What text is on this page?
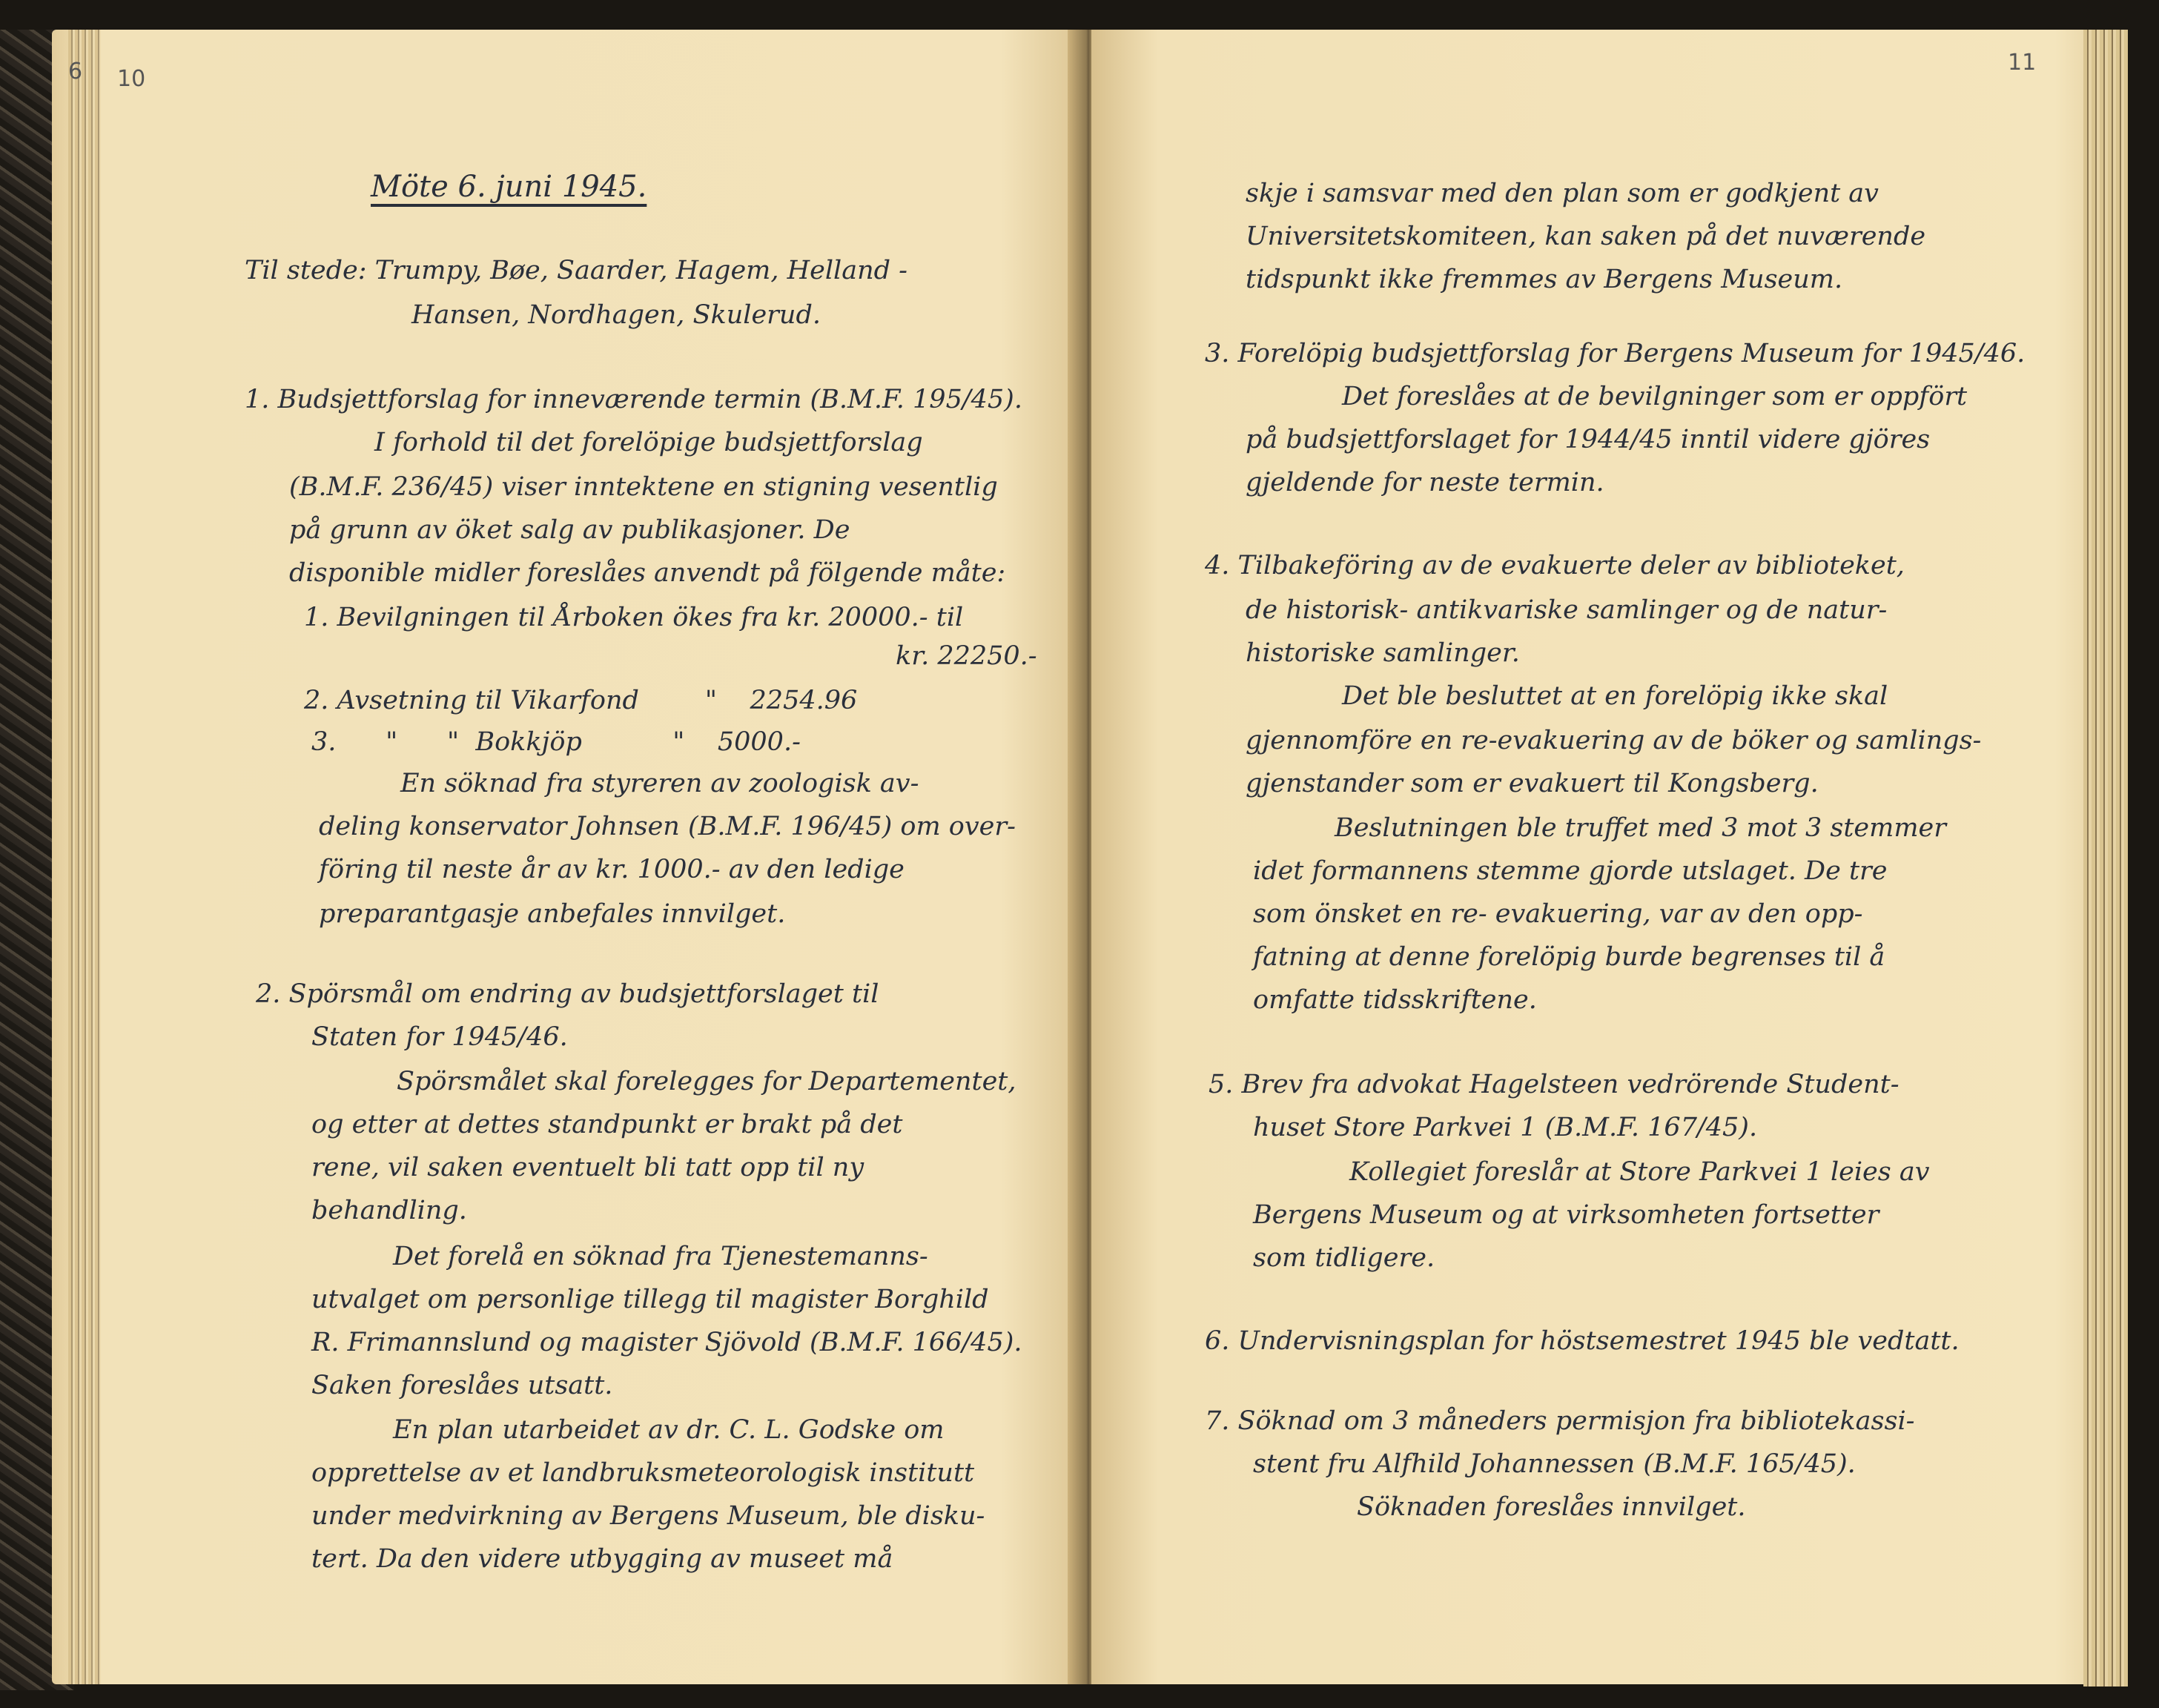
6 10
11
Möte 6. juni 1945.
Til stede: Trumpy, Bøe, Saarder, Hagem, Helland -
Hansen, Nordhagen, Skulerud.
1. Budsjettforslag for inneværende termin (B.M.F. 195/45).
I forhold til det forelöpige budsjettforslag
(B.M.F. 236/45) viser inntektene en stigning vesentlig
på grunn av öket salg av publikasjoner. De
disponible midler foreslåes anvendt på fölgende måte:
1. Bevilgningen til Årboken ökes fra kr. 20000.- til
kr. 22250.-
2. Avsetning til Vikarfond        "    2254.96
3.      "      "  Bokkjöp           "    5000.-
En söknad fra styreren av zoologisk av-
deling konservator Johnsen (B.M.F. 196/45) om over-
föring til neste år av kr. 1000.- av den ledige
preparantgasje anbefales innvilget.
2. Spörsmål om endring av budsjettforslaget til
Staten for 1945/46.
Spörsmålet skal forelegges for Departementet,
og etter at dettes standpunkt er brakt på det
rene, vil saken eventuelt bli tatt opp til ny
behandling.
Det forelå en söknad fra Tjenestemanns-
utvalget om personlige tillegg til magister Borghild
R. Frimannslund og magister Sjövold (B.M.F. 166/45).
Saken foreslåes utsatt.
En plan utarbeidet av dr. C. L. Godske om
opprettelse av et landbruksmeteorologisk institutt
under medvirkning av Bergens Museum, ble disku-
tert. Da den videre utbygging av museet må
skje i samsvar med den plan som er godkjent av
Universitetskomiteen, kan saken på det nuværende
tidspunkt ikke fremmes av Bergens Museum.
3. Forelöpig budsjettforslag for Bergens Museum for 1945/46.
Det foreslåes at de bevilgninger som er oppfört
på budsjettforslaget for 1944/45 inntil videre gjöres
gjeldende for neste termin.
4. Tilbakeföring av de evakuerte deler av biblioteket,
de historisk- antikvariske samlinger og de natur-
historiske samlinger.
Det ble besluttet at en forelöpig ikke skal
gjennomföre en re-evakuering av de böker og samlings-
gjenstander som er evakuert til Kongsberg.
Beslutningen ble truffet med 3 mot 3 stemmer
idet formannens stemme gjorde utslaget. De tre
som önsket en re- evakuering, var av den opp-
fatning at denne forelöpig burde begrenses til å
omfatte tidsskriftene.
5. Brev fra advokat Hagelsteen vedrörende Student-
huset Store Parkvei 1 (B.M.F. 167/45).
Kollegiet foreslår at Store Parkvei 1 leies av
Bergens Museum og at virksomheten fortsetter
som tidligere.
6. Undervisningsplan for höstsemestret 1945 ble vedtatt.
7. Söknad om 3 måneders permisjon fra bibliotekassi-
stent fru Alfhild Johannessen (B.M.F. 165/45).
Söknaden foreslåes innvilget.
